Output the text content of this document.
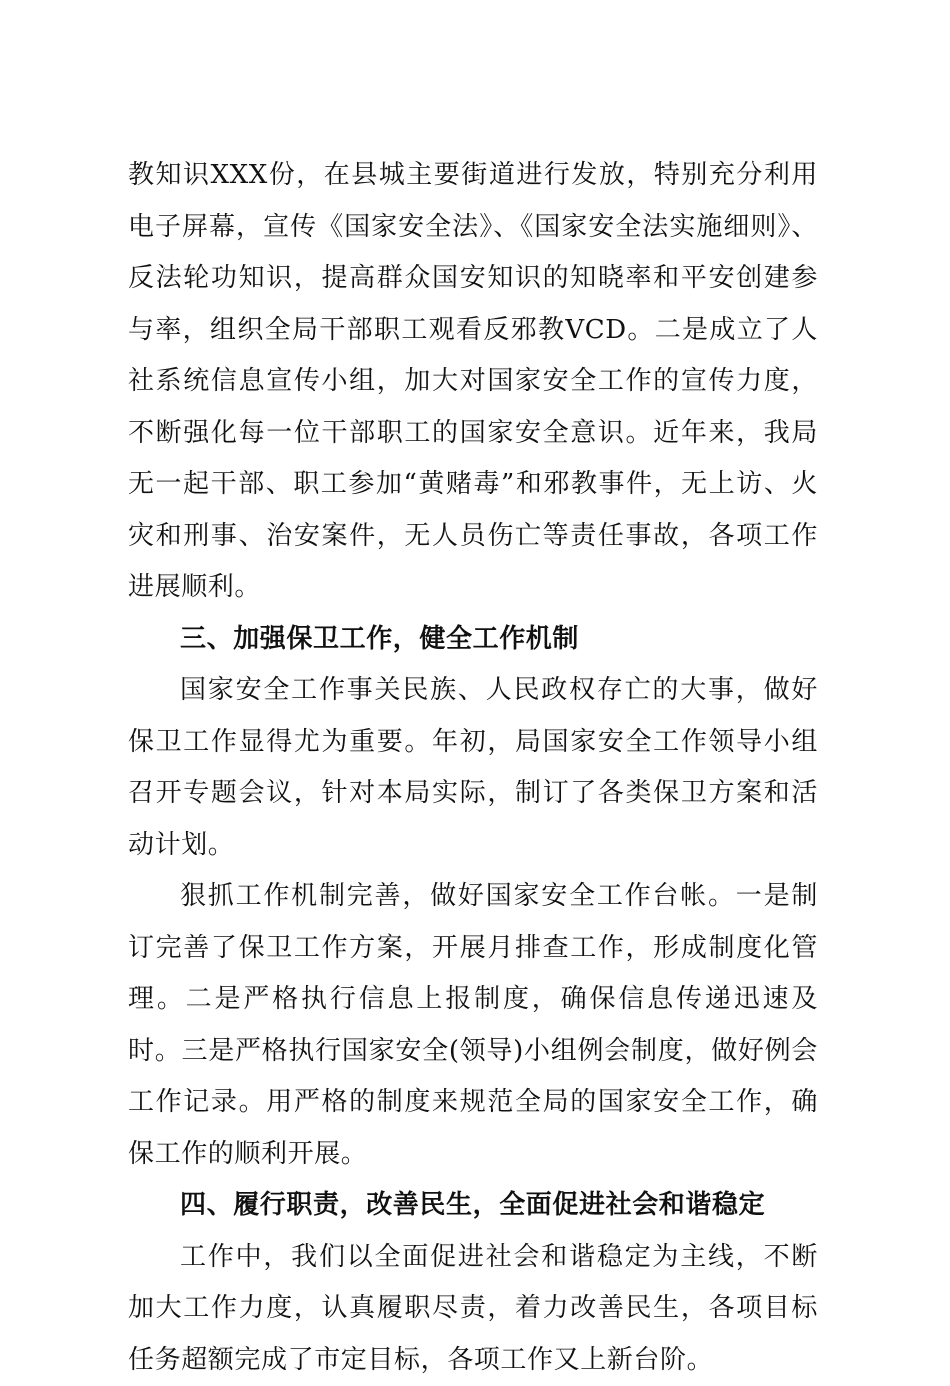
教知识XXX份，在县城主要街道进行发放，特别充分利用电子屏幕，宣传《国家安全法》、《国家安全法实施细则》、反法轮功知识，提高群众国安知识的知晓率和平安创建参与率，组织全局干部职工观看反邪教VCD。二是成立了人社系统信息宣传小组，加大对国家安全工作的宣传力度，不断强化每一位干部职工的国家安全意识。近年来，我局无一起干部、职工参加“黄赌毒”和邪教事件，无上访、火灾和刑事、治安案件，无人员伤亡等责任事故，各项工作进展顺利。

三、加强保卫工作，健全工作机制

国家安全工作事关民族、人民政权存亡的大事，做好保卫工作显得尤为重要。年初，局国家安全工作领导小组召开专题会议，针对本局实际，制订了各类保卫方案和活动计划。

狠抓工作机制完善，做好国家安全工作台帐。一是制订完善了保卫工作方案，开展月排查工作，形成制度化管理。二是严格执行信息上报制度，确保信息传递迅速及时。三是严格执行国家安全(领导)小组例会制度，做好例会工作记录。用严格的制度来规范全局的国家安全工作，确保工作的顺利开展。

四、履行职责，改善民生，全面促进社会和谐稳定

工作中，我们以全面促进社会和谐稳定为主线，不断加大工作力度，认真履职尽责，着力改善民生，各项目标任务超额完成了市定目标，各项工作又上新台阶。
